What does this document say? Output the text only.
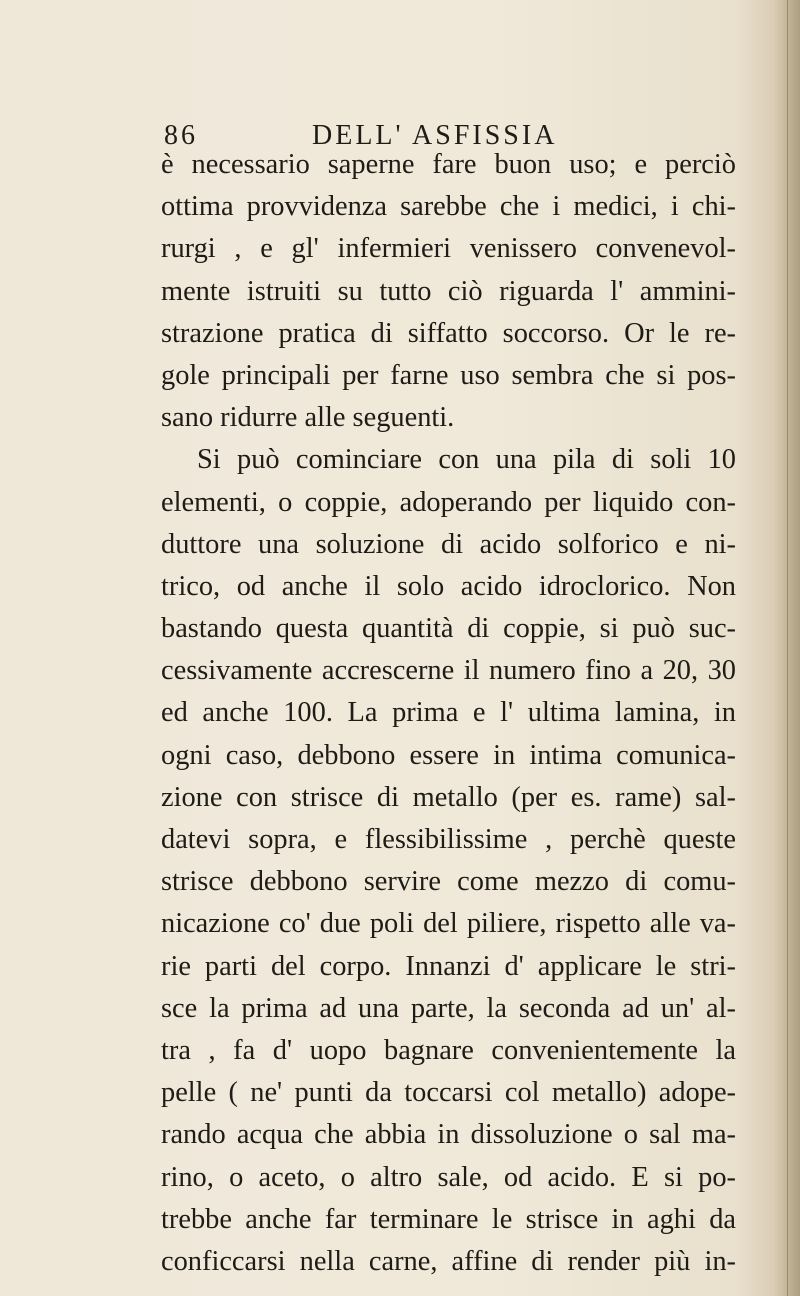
86	DELL' ASFISSIA
è necessario saperne fare buon uso; e perciò
ottima provvidenza sarebbe che i medici, i chi-
rurgi , e gl' infermieri venissero convenevol-
mente istruiti su tutto ciò riguarda l' ammini-
strazione pratica di siffatto soccorso. Or le re-
gole principali per farne uso sembra che si pos-
sano ridurre alle seguenti.
Si può cominciare con una pila di soli 10
elementi, o coppie, adoperando per liquido con-
duttore una soluzione di acido solforico e ni-
trico, od anche il solo acido idroclorico. Non
bastando questa quantità di coppie, si può suc-
cessivamente accrescerne il numero fino a 20, 30
ed anche 100. La prima e l' ultima lamina, in
ogni caso, debbono essere in intima comunica-
zione con strisce di metallo (per es. rame) sal-
datevi sopra, e flessibilissime , perchè queste
strisce debbono servire come mezzo di comu-
nicazione co' due poli del piliere, rispetto alle va-
rie parti del corpo. Innanzi d' applicare le stri-
sce la prima ad una parte, la seconda ad un' al-
tra , fa d' uopo bagnare convenientemente la
pelle ( ne' punti da toccarsi col metallo) adope-
rando acqua che abbia in dissoluzione o sal ma-
rino, o aceto, o altro sale, od acido. E si po-
trebbe anche far terminare le strisce in aghi da
conficcarsi nella carne, affine di render più in-
